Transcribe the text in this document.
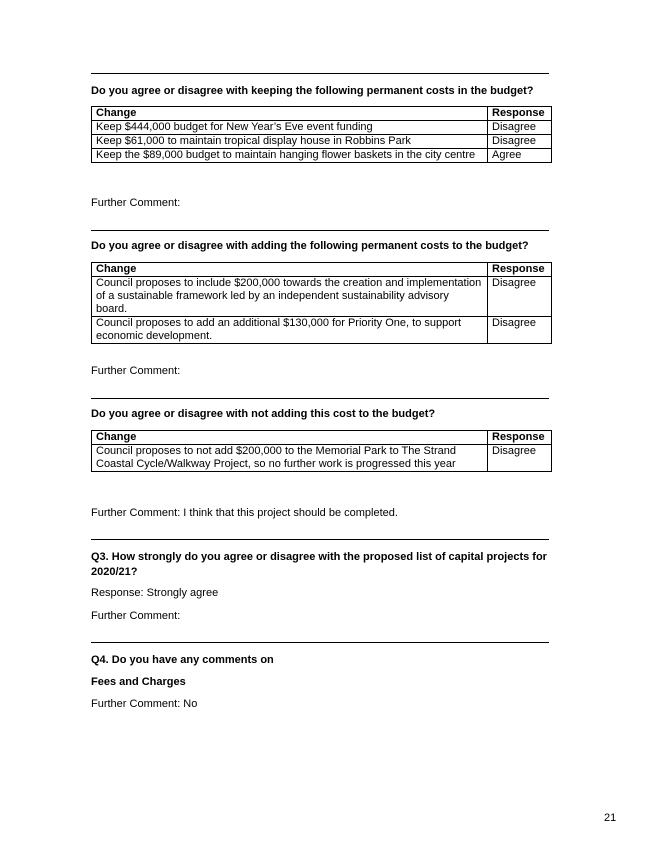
Do you agree or disagree with keeping the following permanent costs in the budget?
Change	Response
Keep $444,000 budget for New Year’s Eve event funding	Disagree
Keep $61,000 to maintain tropical display house in Robbins Park	Disagree
Keep the $89,000 budget to maintain hanging flower baskets in the city centre	Agree
Further Comment:
Do you agree or disagree with adding the following permanent costs to the budget?
Change	Response
Council proposes to include $200,000 towards the creation and implementation of a sustainable framework led by an independent sustainability advisory board.	Disagree
Council proposes to add an additional $130,000 for Priority One, to support economic development.	Disagree
Further Comment:
Do you agree or disagree with not adding this cost to the budget?
Change	Response
Council proposes to not add $200,000 to the Memorial Park to The Strand Coastal Cycle/Walkway Project, so no further work is progressed this year	Disagree
Further Comment: I think that this project should be completed.
Q3. How strongly do you agree or disagree with the proposed list of capital projects for 2020/21?
Response: Strongly agree
Further Comment:
Q4. Do you have any comments on
Fees and Charges
Further Comment: No
21
